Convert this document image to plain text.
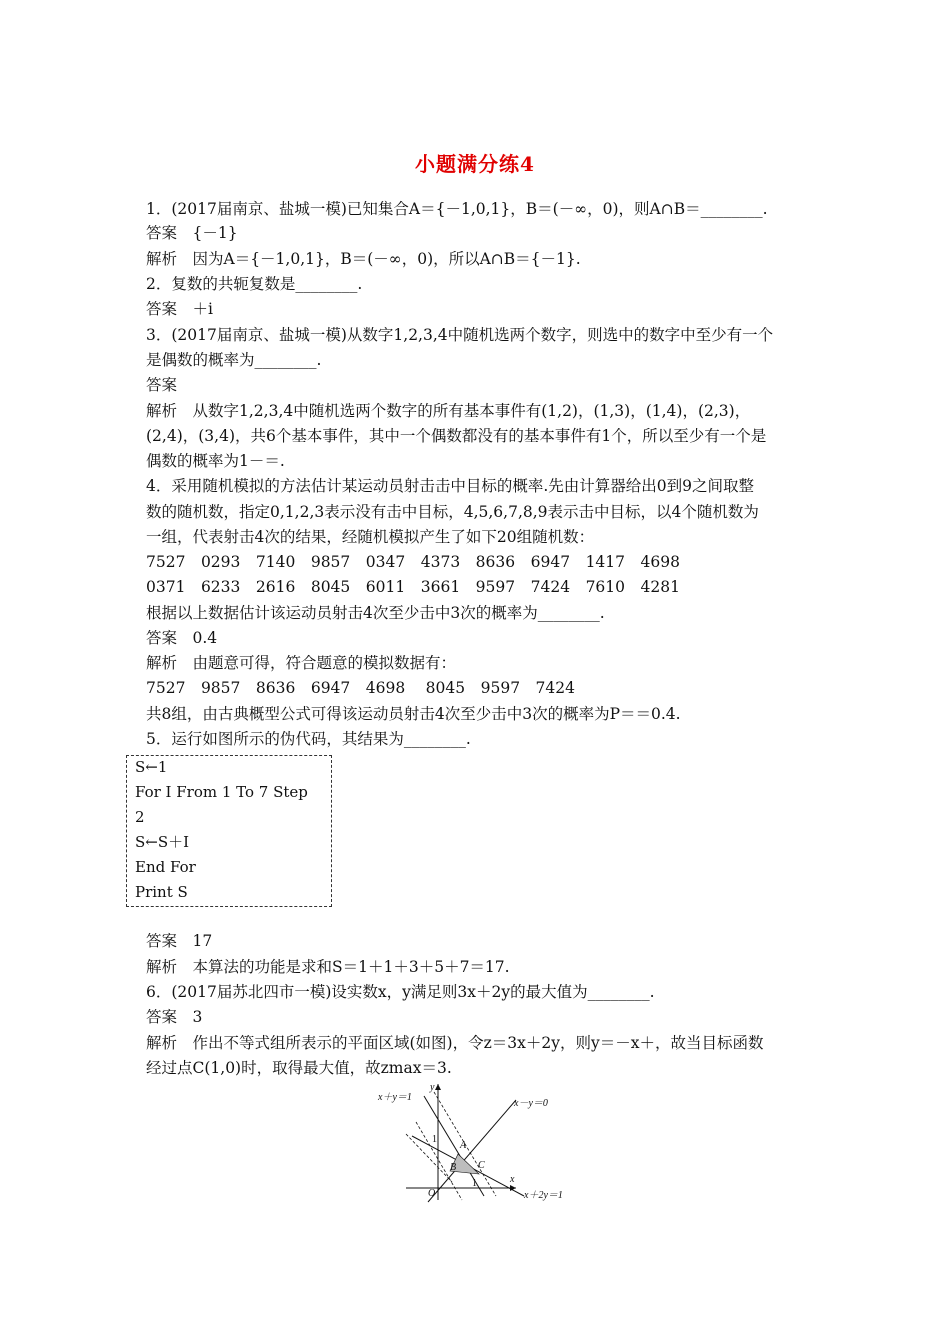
小题满分练4
1．(2017届南京、盐城一模)已知集合A＝{－1,0,1}，B＝(－∞，0)，则A∩B＝________.
答案　{－1}
解析　因为A＝{－1,0,1}，B＝(－∞，0)，所以A∩B＝{－1}.
2．复数的共轭复数是________.
答案　＋i
3．(2017届南京、盐城一模)从数字1,2,3,4中随机选两个数字，则选中的数字中至少有一个
是偶数的概率为________.
答案
解析　从数字1,2,3,4中随机选两个数字的所有基本事件有(1,2)，(1,3)，(1,4)，(2,3)，
(2,4)，(3,4)，共6个基本事件，其中一个偶数都没有的基本事件有1个，所以至少有一个是
偶数的概率为1－＝.
4．采用随机模拟的方法估计某运动员射击击中目标的概率.先由计算器给出0到9之间取整
数的随机数，指定0,1,2,3表示没有击中目标，4,5,6,7,8,9表示击中目标，以4个随机数为
一组，代表射击4次的结果，经随机模拟产生了如下20组随机数：
7527　0293　7140　9857　0347　4373　8636　6947　1417　4698
0371　6233　2616　8045　6011　3661　9597　7424　7610　4281
根据以上数据估计该运动员射击4次至少击中3次的概率为________.
答案　0.4
解析　由题意可得，符合题意的模拟数据有：
7527　9857　8636　6947　4698　 8045　9597　7424
共8组，由古典概型公式可得该运动员射击4次至少击中3次的概率为P＝＝0.4.
5．运行如图所示的伪代码，其结果为________.
答案　17
解析　本算法的功能是求和S＝1＋1＋3＋5＋7＝17.
6．(2017届苏北四市一模)设实数x，y满足则3x＋2y的最大值为________.
答案　3
解析　作出不等式组所表示的平面区域(如图)，令z＝3x＋2y，则y＝－x＋，故当目标函数
经过点C(1,0)时，取得最大值，故zmax＝3.
S←1
For I From 1 To 7 Step
2
S←S＋I
End For
Print S
x＋y＝1
x－y＝0
x＋2y＝1
y
x
O
A
B C
1
1
